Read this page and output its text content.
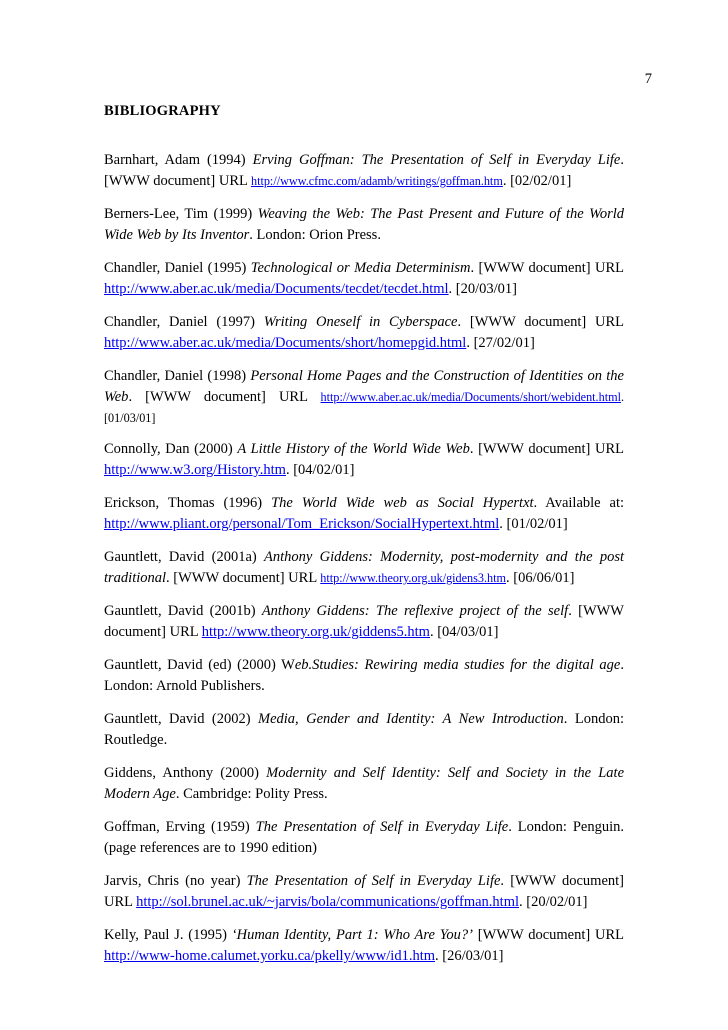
7
BIBLIOGRAPHY

Barnhart, Adam (1994) Erving Goffman: The Presentation of Self in Everyday Life. [WWW document] URL http://www.cfmc.com/adamb/writings/goffman.htm. [02/02/01]

Berners-Lee, Tim (1999) Weaving the Web: The Past Present and Future of the World Wide Web by Its Inventor. London: Orion Press.

Chandler, Daniel (1995) Technological or Media Determinism. [WWW document] URL http://www.aber.ac.uk/media/Documents/tecdet/tecdet.html. [20/03/01]

Chandler, Daniel (1997) Writing Oneself in Cyberspace. [WWW document] URL http://www.aber.ac.uk/media/Documents/short/homepgid.html. [27/02/01]

Chandler, Daniel (1998) Personal Home Pages and the Construction of Identities on the Web. [WWW document] URL http://www.aber.ac.uk/media/Documents/short/webident.html. [01/03/01]

Connolly, Dan (2000) A Little History of the World Wide Web. [WWW document] URL http://www.w3.org/History.htm. [04/02/01]

Erickson, Thomas (1996) The World Wide web as Social Hypertxt. Available at: http://www.pliant.org/personal/Tom_Erickson/SocialHypertext.html. [01/02/01]

Gauntlett, David (2001a) Anthony Giddens: Modernity, post-modernity and the post traditional. [WWW document] URL http://www.theory.org.uk/gidens3.htm. [06/06/01]

Gauntlett, David (2001b) Anthony Giddens: The reflexive project of the self. [WWW document] URL http://www.theory.org.uk/giddens5.htm. [04/03/01]

Gauntlett, David (ed) (2000) Web.Studies: Rewiring media studies for the digital age. London: Arnold Publishers.

Gauntlett, David (2002) Media, Gender and Identity: A New Introduction. London: Routledge.

Giddens, Anthony (2000) Modernity and Self Identity: Self and Society in the Late Modern Age. Cambridge: Polity Press.

Goffman, Erving (1959) The Presentation of Self in Everyday Life. London: Penguin. (page references are to 1990 edition)

Jarvis, Chris (no year) The Presentation of Self in Everyday Life. [WWW document] URL http://sol.brunel.ac.uk/~jarvis/bola/communications/goffman.html. [20/02/01]

Kelly, Paul J. (1995) ‘Human Identity, Part 1: Who Are You?’ [WWW document] URL http://www-home.calumet.yorku.ca/pkelly/www/id1.htm. [26/03/01]
